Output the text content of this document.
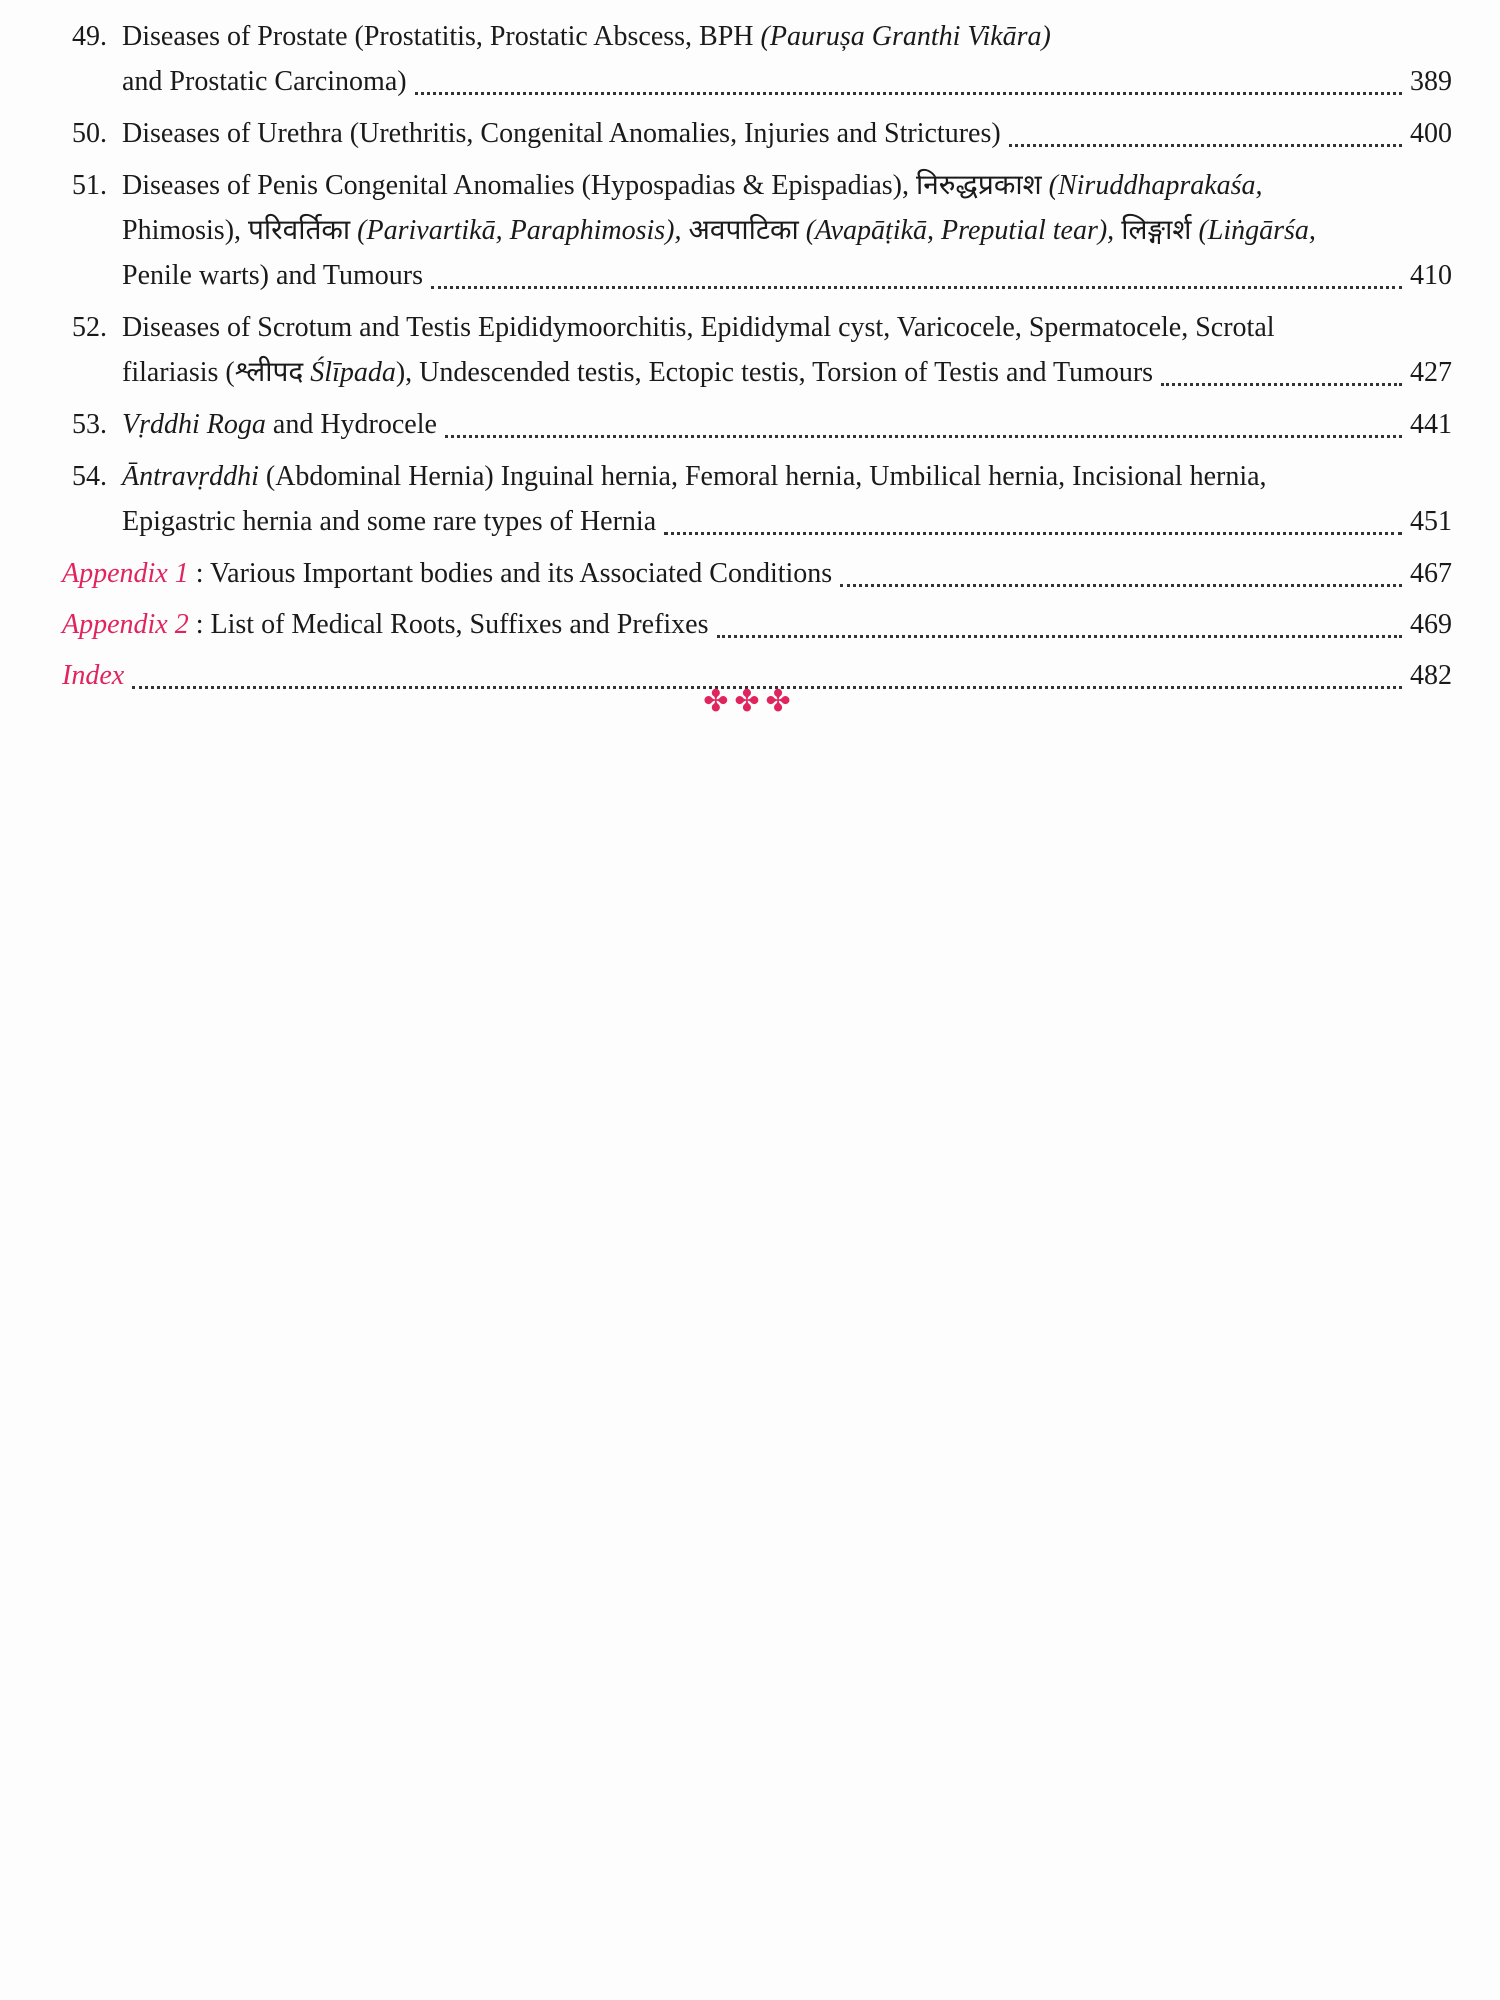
49. Diseases of Prostate (Prostatitis, Prostatic Abscess, BPH (Paurușa Granthi Vikāra)
and Prostatic Carcinoma)	389
50. Diseases of Urethra (Urethritis, Congenital Anomalies, Injuries and Strictures)	400
51. Diseases of Penis Congenital Anomalies (Hypospadias & Epispadias), निरुद्धप्रकाश (Niruddhaprakaśa,
Phimosis), परिवर्तिका (Parivartikā, Paraphimosis), अवपाटिका (Avapāṭikā, Preputial tear), लिङ्गार्श (Liṅgārśa,
Penile warts) and Tumours	410
52. Diseases of Scrotum and Testis Epididymoorchitis, Epididymal cyst, Varicocele, Spermatocele, Scrotal
filariasis (श्लीपद Ślīpada), Undescended testis, Ectopic testis, Torsion of Testis and Tumours	427
53. Vṛddhi Roga and Hydrocele	441
54. Āntravṛddhi (Abdominal Hernia) Inguinal hernia, Femoral hernia, Umbilical hernia, Incisional hernia,
Epigastric hernia and some rare types of Hernia	451
Appendix 1 : Various Important bodies and its Associated Conditions	467
Appendix 2 : List of Medical Roots, Suffixes and Prefixes	469
Index	482
✤✤✤
